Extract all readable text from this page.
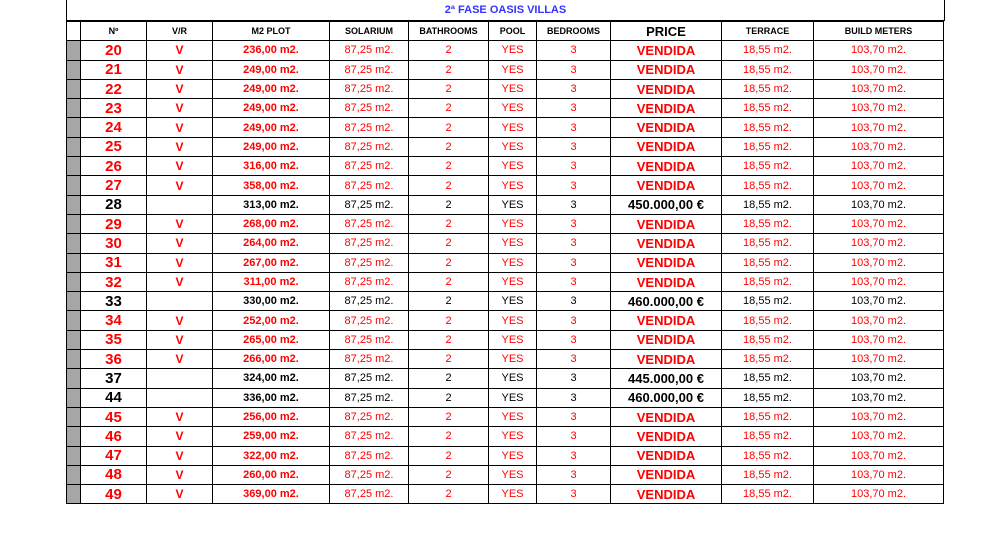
2ª FASE OASIS VILLAS
	Nº	V/R	M2 PLOT	SOLARIUM	BATHROOMS	POOL	BEDROOMS	PRICE	TERRACE	BUILD METERS
	20	V	236,00 m2.	87,25 m2.	2	YES	3	VENDIDA	18,55 m2.	103,70 m2.
	21	V	249,00 m2.	87,25 m2.	2	YES	3	VENDIDA	18,55 m2.	103,70 m2.
	22	V	249,00 m2.	87,25 m2.	2	YES	3	VENDIDA	18,55 m2.	103,70 m2.
	23	V	249,00 m2.	87,25 m2.	2	YES	3	VENDIDA	18,55 m2.	103,70 m2.
	24	V	249,00 m2.	87,25 m2.	2	YES	3	VENDIDA	18,55 m2.	103,70 m2.
	25	V	249,00 m2.	87,25 m2.	2	YES	3	VENDIDA	18,55 m2.	103,70 m2.
	26	V	316,00 m2.	87,25 m2.	2	YES	3	VENDIDA	18,55 m2.	103,70 m2.
	27	V	358,00 m2.	87,25 m2.	2	YES	3	VENDIDA	18,55 m2.	103,70 m2.
	28		313,00 m2.	87,25 m2.	2	YES	3	450.000,00 €	18,55 m2.	103,70 m2.
	29	V	268,00 m2.	87,25 m2.	2	YES	3	VENDIDA	18,55 m2.	103,70 m2.
	30	V	264,00 m2.	87,25 m2.	2	YES	3	VENDIDA	18,55 m2.	103,70 m2.
	31	V	267,00 m2.	87,25 m2.	2	YES	3	VENDIDA	18,55 m2.	103,70 m2.
	32	V	311,00 m2.	87,25 m2.	2	YES	3	VENDIDA	18,55 m2.	103,70 m2.
	33		330,00 m2.	87,25 m2.	2	YES	3	460.000,00 €	18,55 m2.	103,70 m2.
	34	V	252,00 m2.	87,25 m2.	2	YES	3	VENDIDA	18,55 m2.	103,70 m2.
	35	V	265,00 m2.	87,25 m2.	2	YES	3	VENDIDA	18,55 m2.	103,70 m2.
	36	V	266,00 m2.	87,25 m2.	2	YES	3	VENDIDA	18,55 m2.	103,70 m2.
	37		324,00 m2.	87,25 m2.	2	YES	3	445.000,00 €	18,55 m2.	103,70 m2.
	44		336,00 m2.	87,25 m2.	2	YES	3	460.000,00 €	18,55 m2.	103,70 m2.
	45	V	256,00 m2.	87,25 m2.	2	YES	3	VENDIDA	18,55 m2.	103,70 m2.
	46	V	259,00 m2.	87,25 m2.	2	YES	3	VENDIDA	18,55 m2.	103,70 m2.
	47	V	322,00 m2.	87,25 m2.	2	YES	3	VENDIDA	18,55 m2.	103,70 m2.
	48	V	260,00 m2.	87,25 m2.	2	YES	3	VENDIDA	18,55 m2.	103,70 m2.
	49	V	369,00 m2.	87,25 m2.	2	YES	3	VENDIDA	18,55 m2.	103,70 m2.
